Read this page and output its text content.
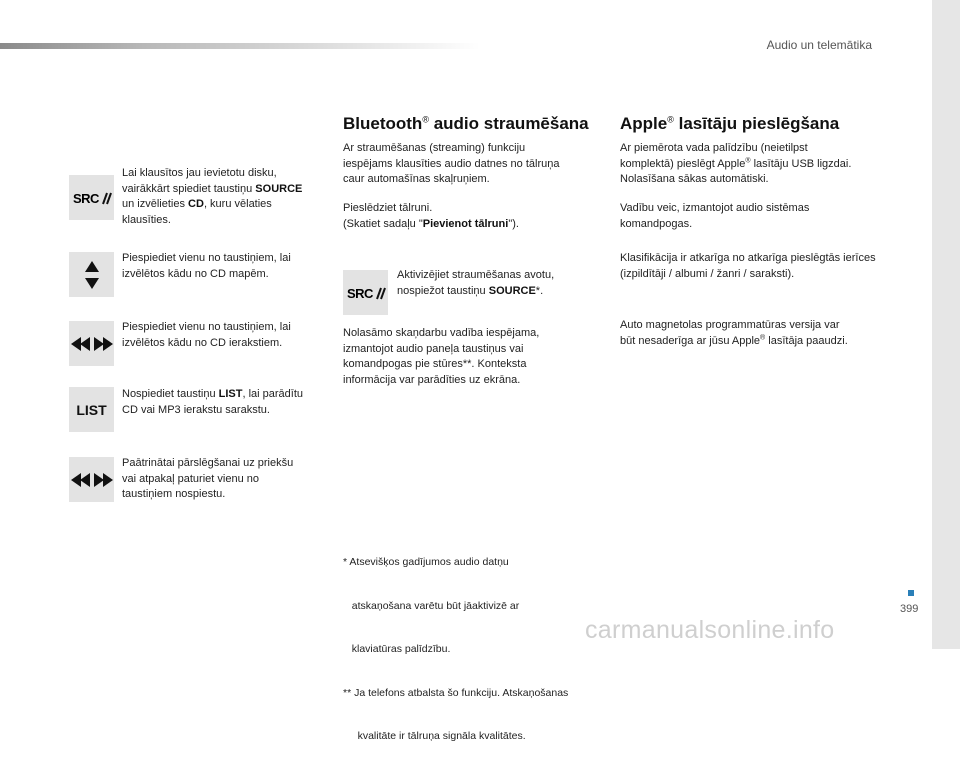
Audio un telemātika
SRC
Lai klausītos jau ievietotu disku,
vairākkārt spiediet taustiņu SOURCE
un izvēlieties CD, kuru vēlaties
klausīties.
Piespiediet vienu no taustiņiem, lai
izvēlētos kādu no CD mapēm.
Piespiediet vienu no taustiņiem, lai
izvēlētos kādu no CD ierakstiem.
LIST
Nospiediet taustiņu LIST, lai parādītu
CD vai MP3 ierakstu sarakstu.
Paātrinātai pārslēgšanai uz priekšu
vai atpakaļ paturiet vienu no
taustiņiem nospiestu.
Bluetooth® audio straumēšana
Ar straumēšanas (streaming) funkciju
iespējams klausīties audio datnes no tālruņa
caur automašīnas skaļruņiem.
Pieslēdziet tālruni.
(Skatiet sadaļu "Pievienot tālruni").
SRC
Aktivizējiet straumēšanas avotu,
nospiežot taustiņu SOURCE*.
Nolasāmo skaņdarbu vadība iespējama,
izmantojot audio paneļa taustiņus vai
komandpogas pie stūres**. Konteksta
informācija var parādīties uz ekrāna.

* Atsevišķos gadījumos audio datņu

atskaņošana varētu būt jāaktivizē ar

klaviatūras palīdzību.

** Ja telefons atbalsta šo funkciju. Atskaņošanas

kvalitāte ir tālruņa signāla kvalitātes.

Apple® lasītāju pieslēgšana
Ar piemērota vada palīdzību (neietilpst
komplektā) pieslēgt Apple® lasītāju USB ligzdai.
Nolasīšana sākas automātiski.
Vadību veic, izmantojot audio sistēmas
komandpogas.
Klasifikācija ir atkarīga no atkarīga pieslēgtās ierīces
(izpildītāji / albumi / žanri / saraksti).
Auto magnetolas programmatūras versija var
būt nesaderīga ar jūsu Apple® lasītāja paaudzi.
399
carmanualsonline.info
